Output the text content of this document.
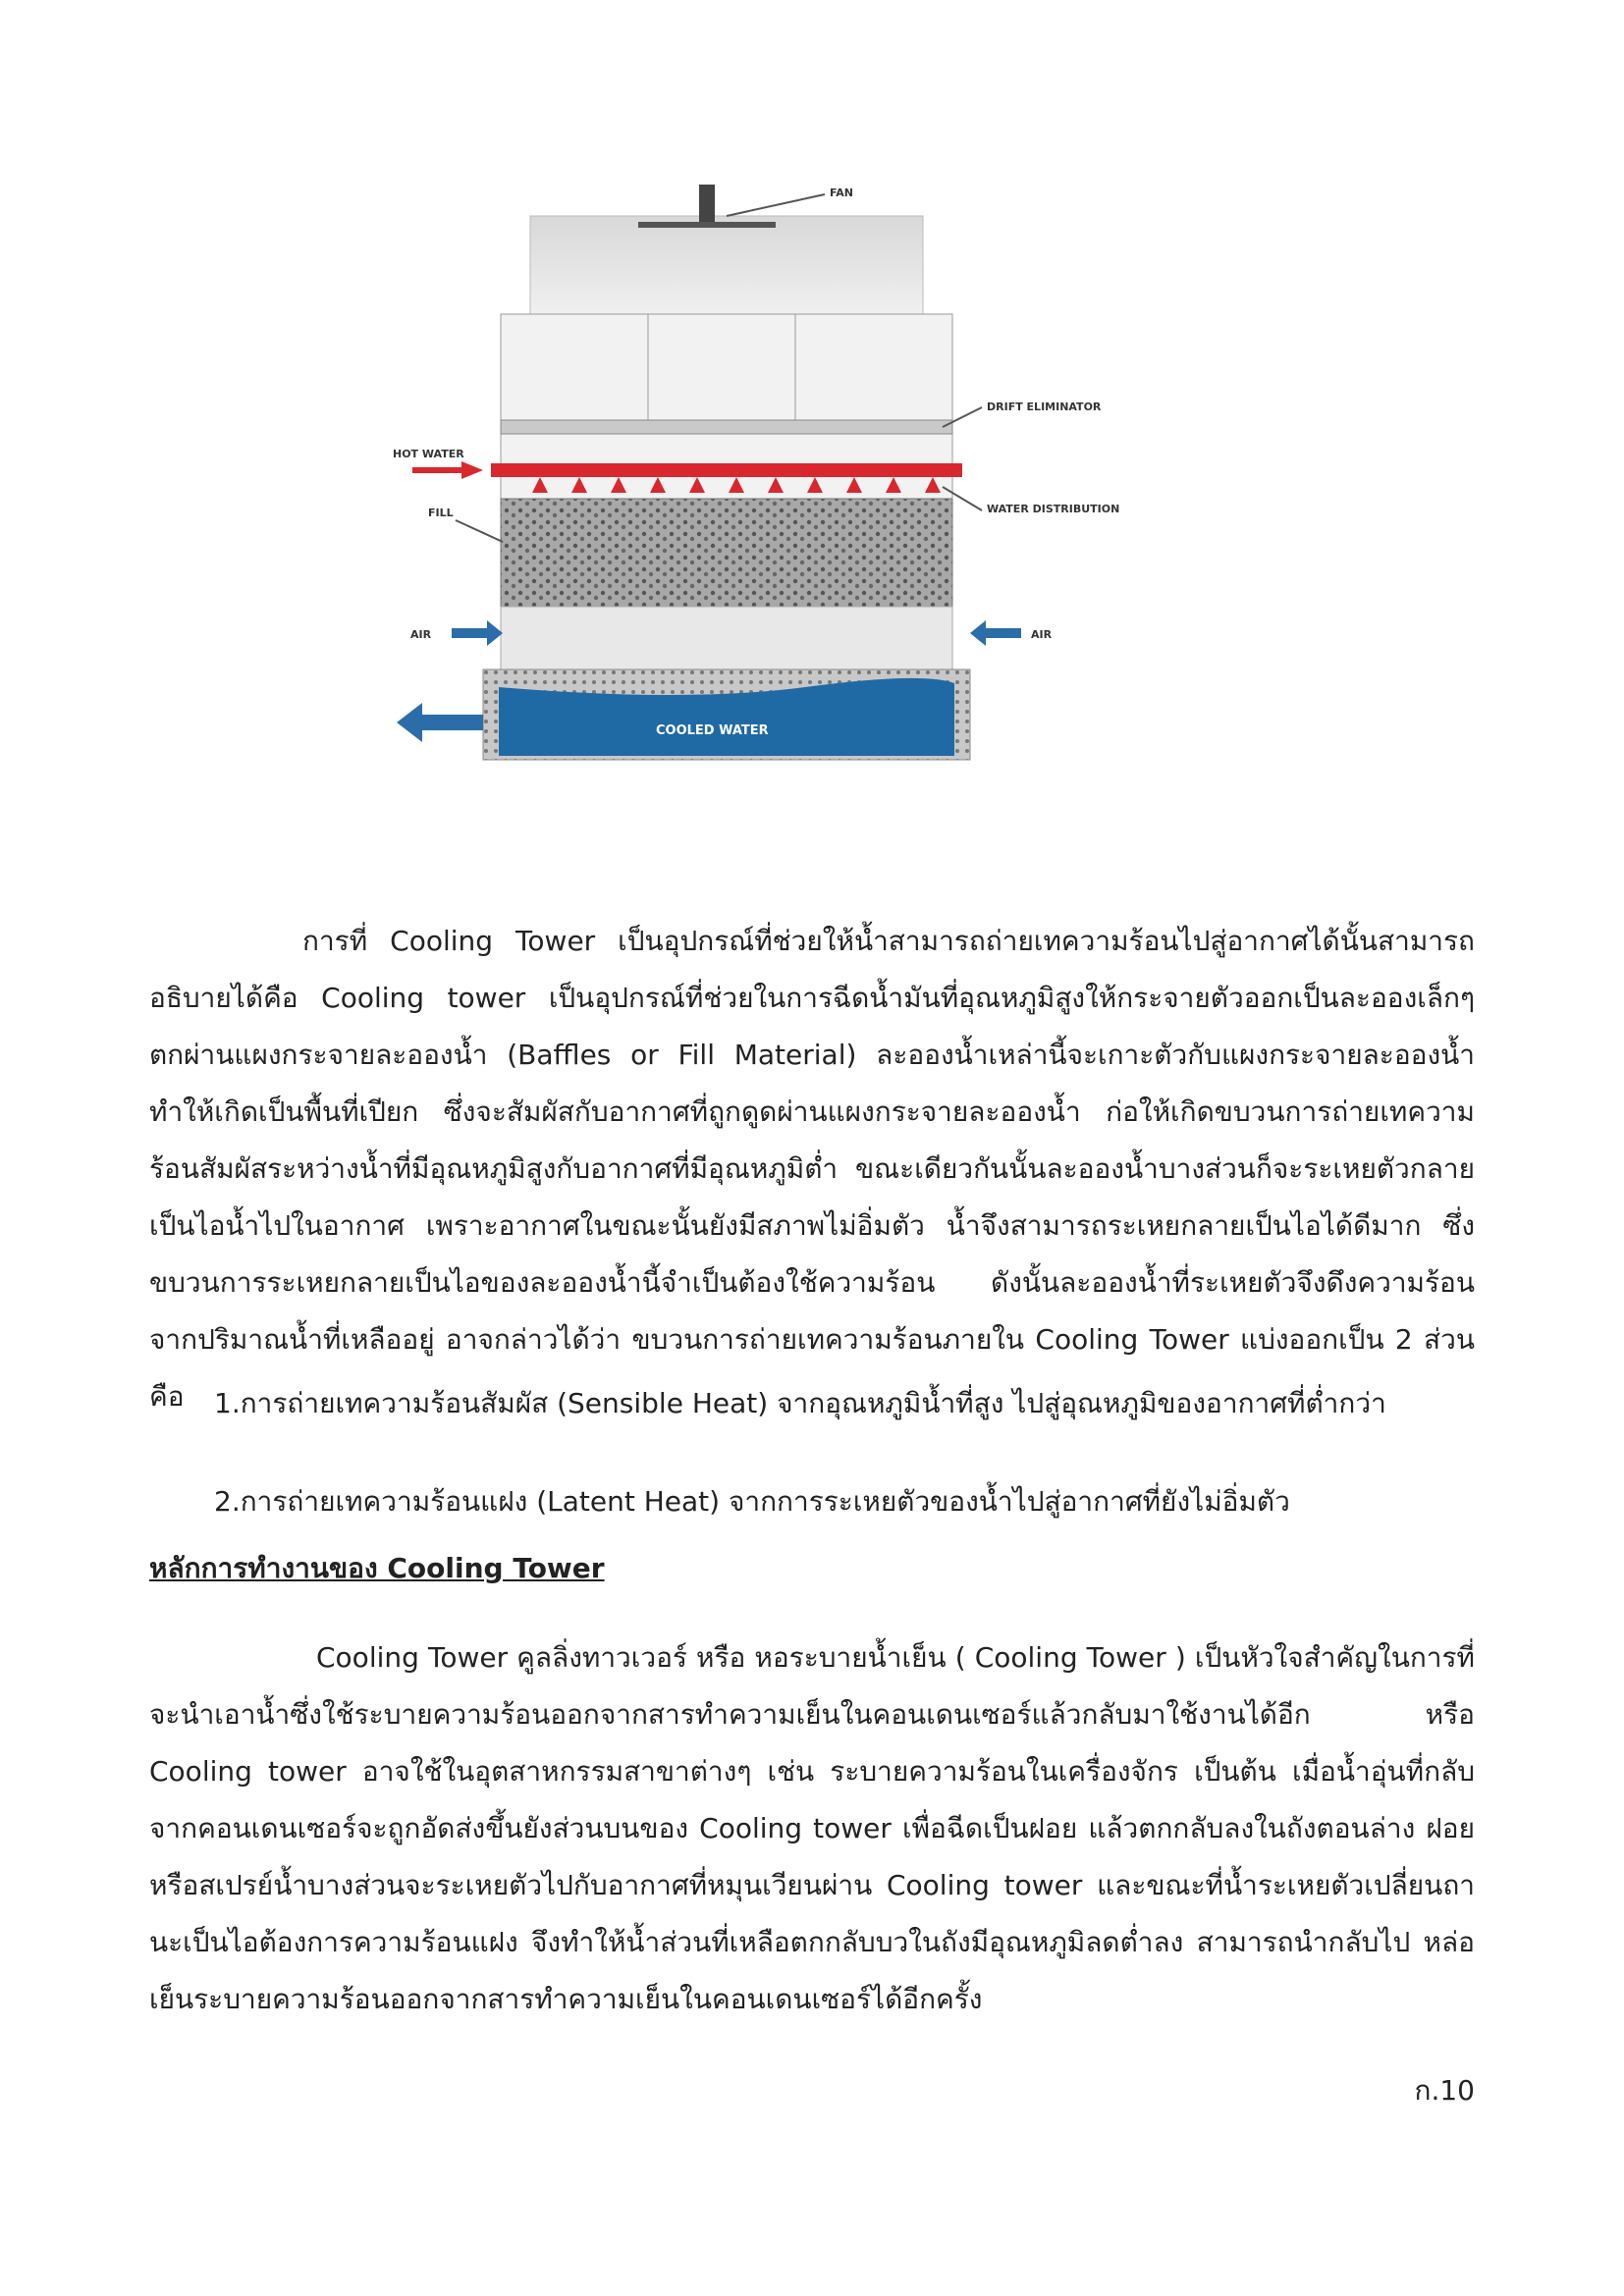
FAN
DRIFT ELIMINATOR
HOT WATER
WATER DISTRIBUTION
FILL
AIR	AIR
COOLED WATER

การที่ Cooling Tower เป็นอุปกรณ์ที่ช่วยให้น้ำสามารถถ่ายเทความร้อนไปสู่อากาศได้นั้นสามารถอธิบายได้คือ Cooling tower เป็นอุปกรณ์ที่ช่วยในการฉีดน้ำมันที่อุณหภูมิสูงให้กระจายตัวออกเป็นละอองเล็กๆ ตกผ่านแผงกระจายละอองน้ำ (Baffles or Fill Material) ละอองน้ำเหล่านี้จะเกาะตัวกับแผงกระจายละอองน้ำ ทำให้เกิดเป็นพื้นที่เปียก ซึ่งจะสัมผัสกับอากาศที่ถูกดูดผ่านแผงกระจายละอองน้ำ ก่อให้เกิดขบวนการถ่ายเทความร้อนสัมผัสระหว่างน้ำที่มีอุณหภูมิสูงกับอากาศที่มีอุณหภูมิต่ำ ขณะเดียวกันนั้นละอองน้ำบางส่วนก็จะระเหยตัวกลายเป็นไอน้ำไปในอากาศ เพราะอากาศในขณะนั้นยังมีสภาพไม่อิ่มตัว น้ำจึงสามารถระเหยกลายเป็นไอได้ดีมาก ซึ่งขบวนการระเหยกลายเป็นไอของละอองน้ำนี้จำเป็นต้องใช้ความร้อน ดังนั้นละอองน้ำที่ระเหยตัวจึงดึงความร้อนจากปริมาณน้ำที่เหลืออยู่ อาจกล่าวได้ว่า ขบวนการถ่ายเทความร้อนภายใน Cooling Tower แบ่งออกเป็น 2 ส่วน คือ	1.การถ่ายเทความร้อนสัมผัส (Sensible Heat) จากอุณหภูมิน้ำที่สูง ไปสู่อุณหภูมิของอากาศที่ต่ำกว่า

2.การถ่ายเทความร้อนแฝง (Latent Heat) จากการระเหยตัวของน้ำไปสู่อากาศที่ยังไม่อิ่มตัว

หลักการทำงานของ Cooling Tower

Cooling Tower คูลลิ่งทาวเวอร์ หรือ หอระบายน้ำเย็น ( Cooling Tower ) เป็นหัวใจสำคัญในการที่จะนำเอาน้ำซึ่งใช้ระบายความร้อนออกจากสารทำความเย็นในคอนเดนเซอร์แล้วกลับมาใช้งานได้อีก หรือ Cooling tower อาจใช้ในอุตสาหกรรมสาขาต่างๆ เช่น ระบายความร้อนในเครื่องจักร เป็นต้น เมื่อน้ำอุ่นที่กลับจากคอนเดนเซอร์จะถูกอัดส่งขึ้นยังส่วนบนของ Cooling tower เพื่อฉีดเป็นฝอย แล้วตกกลับลงในถังตอนล่าง ฝอยหรือสเปรย์น้ำบางส่วนจะระเหยตัวไปกับอากาศที่หมุนเวียนผ่าน Cooling tower และขณะที่น้ำระเหยตัวเปลี่ยนถานะเป็นไอต้องการความร้อนแฝง จึงทำให้น้ำส่วนที่เหลือตกกลับบวในถังมีอุณหภูมิลดต่ำลง สามารถนำกลับไป หล่อเย็นระบายความร้อนออกจากสารทำความเย็นในคอนเดนเซอร์ได้อีกครั้ง

ก.10
